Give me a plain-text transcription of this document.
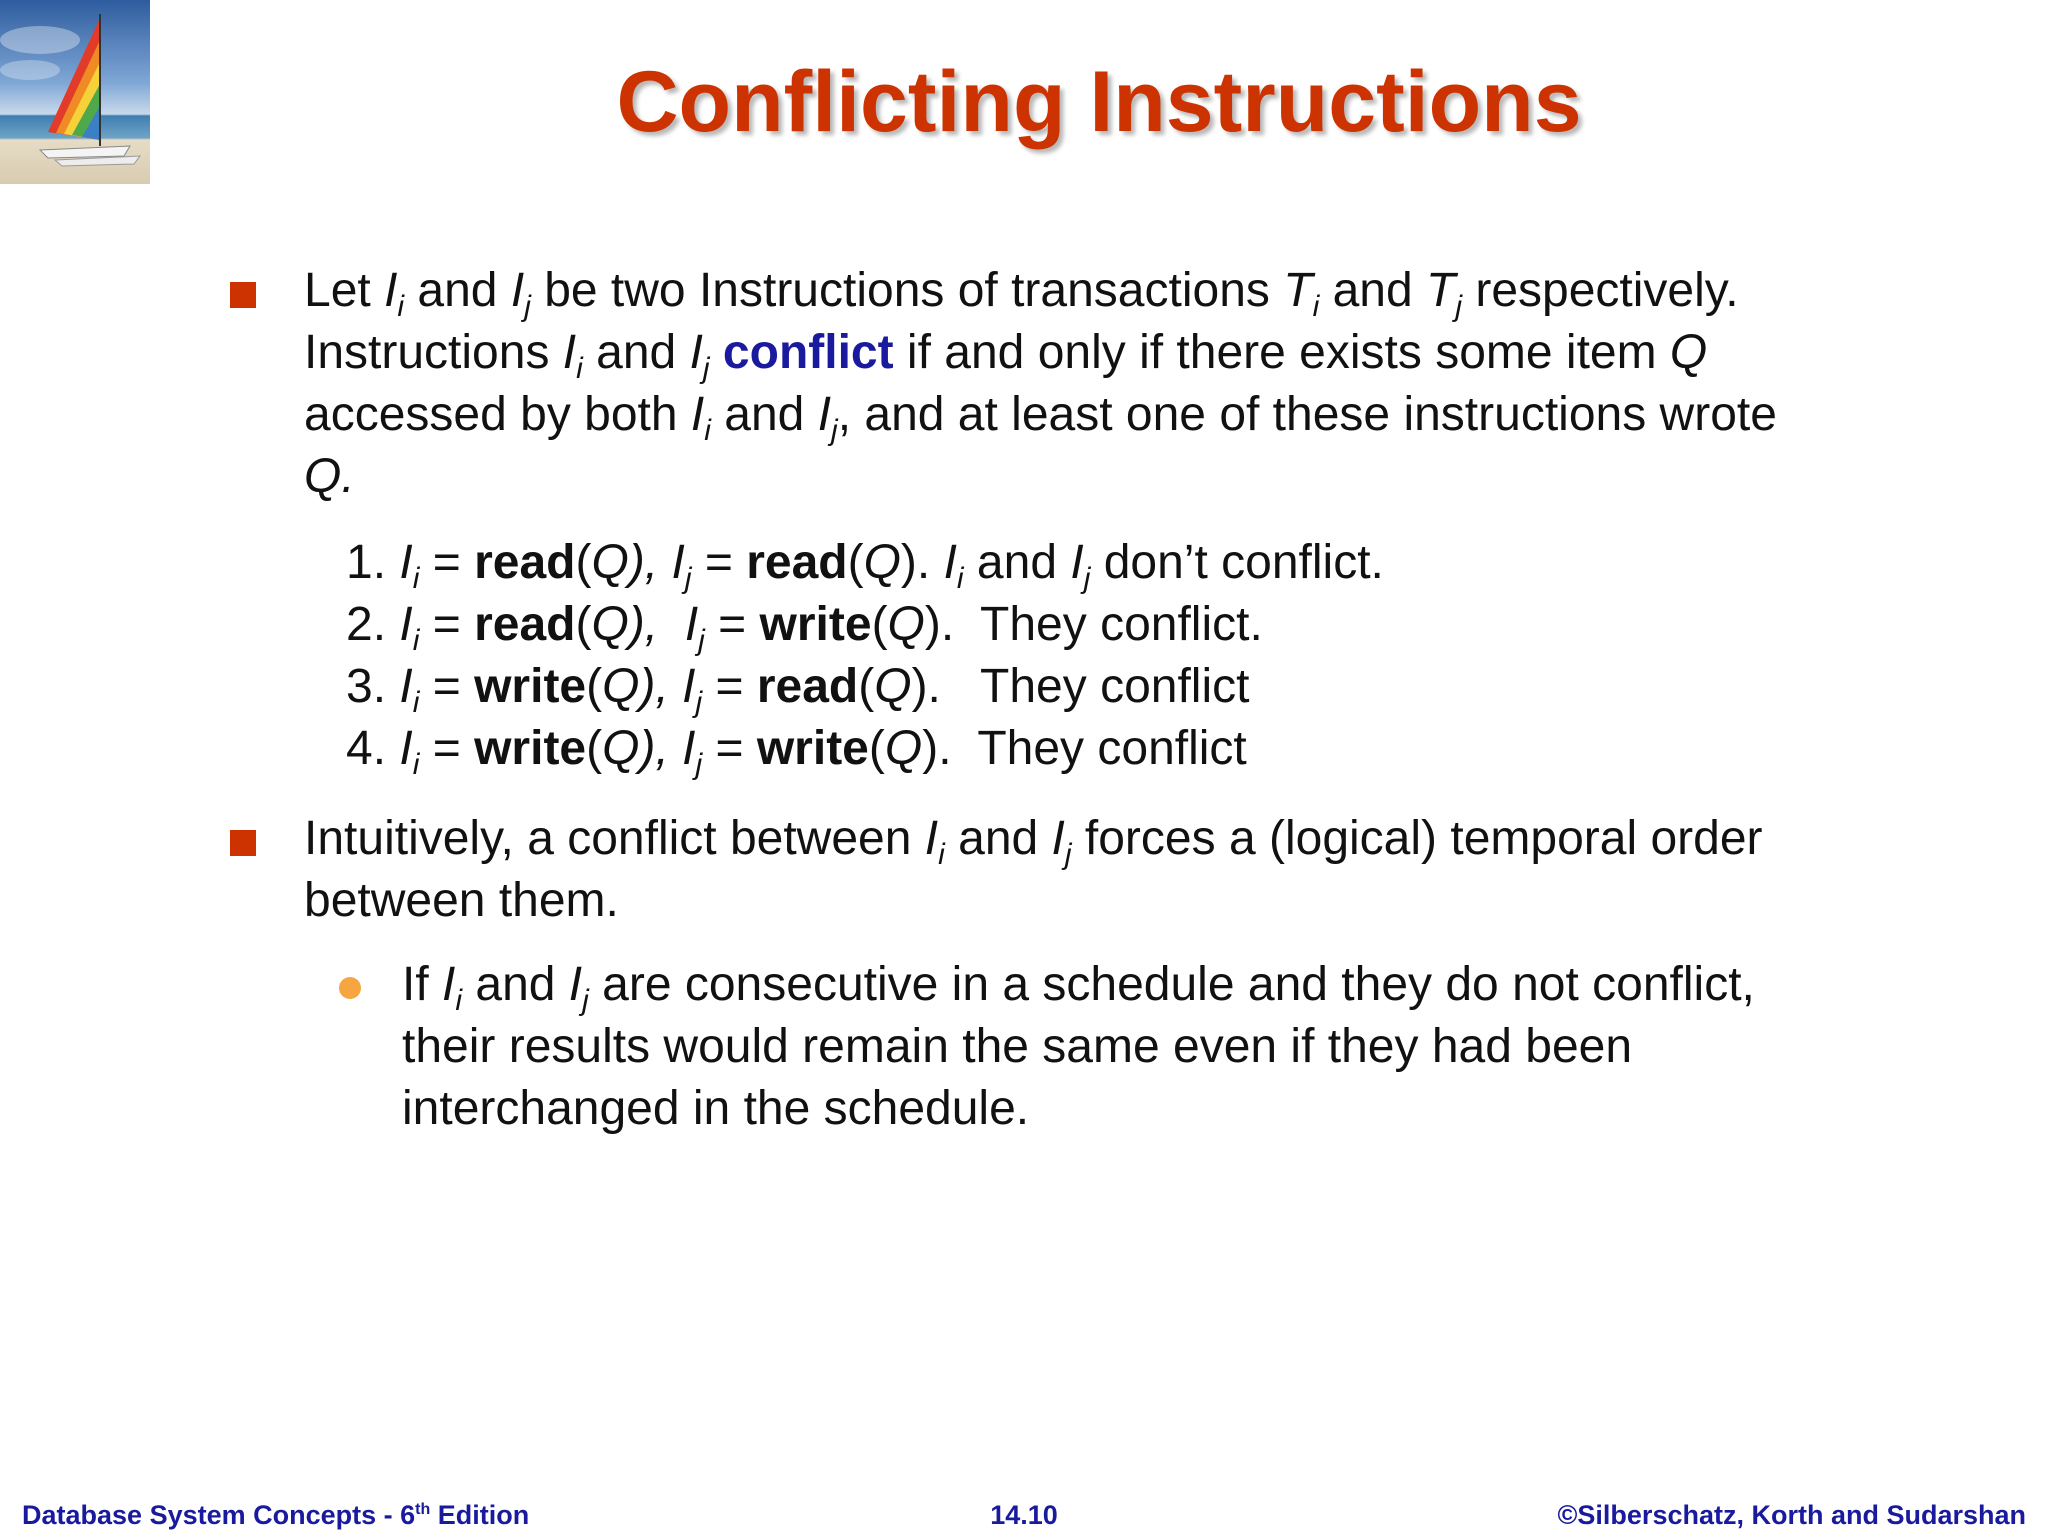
Conflicting Instructions
Let $I_i$ and $I_j$ be two Instructions of transactions $T_i$ and $T_j$ respectively. Instructions $I_i$ and $I_j$ conflict if and only if there exists some item Q accessed by both $I_i$ and $I_j$, and at least one of these instructions wrote Q.
1. $I_i$ = read(Q), $I_j$ = read(Q). $I_i$ and $I_j$ don’t conflict.
2. $I_i$ = read(Q), $I_j$ = write(Q).  They conflict.
3. $I_i$ = write(Q), $I_j$ = read(Q).   They conflict
4. $I_i$ = write(Q), $I_j$ = write(Q).  They conflict
Intuitively, a conflict between $I_i$ and $I_j$ forces a (logical) temporal order between them.
If $I_i$ and $I_j$ are consecutive in a schedule and they do not conflict, their results would remain the same even if they had been interchanged in the schedule.
Database System Concepts - 6th Edition	14.10	©Silberschatz, Korth and Sudarshan
